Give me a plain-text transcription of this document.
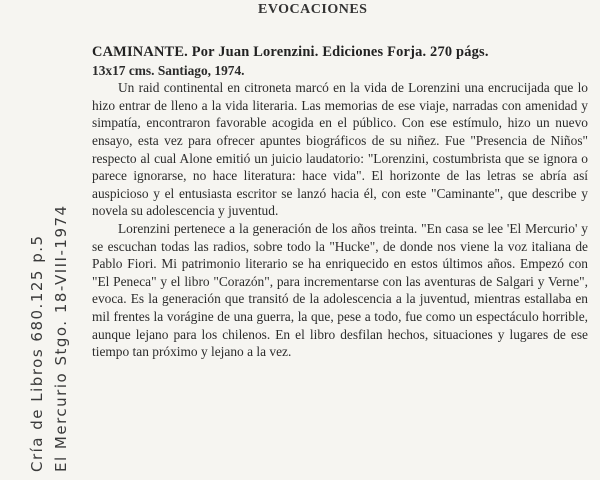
EVOCACIONES
CAMINANTE. Por Juan Lorenzini. Ediciones Forja. 270 págs.
13x17 cms. Santiago, 1974.

Un raid continental en citroneta marcó en la vida de Lorenzini una encrucijada que lo hizo entrar de lleno a la vida literaria. Las memorias de ese viaje, narradas con amenidad y simpatía, encontraron favorable acogida en el público. Con ese estímulo, hizo un nuevo ensayo, esta vez para ofrecer apuntes biográficos de su niñez. Fue "Presencia de Niños" respecto al cual Alone emitió un juicio laudatorio: "Lorenzini, costumbrista que se ignora o parece ignorarse, no hace literatura: hace vida". El horizonte de las letras se abría así auspicioso y el entusiasta escritor se lanzó hacia él, con este "Caminante", que describe y novela su adolescencia y juventud.

Lorenzini pertenece a la generación de los años treinta. "En casa se lee 'El Mercurio' y se escuchan todas las radios, sobre todo la "Hucke", de donde nos viene la voz italiana de Pablo Fiori. Mi patrimonio literario se ha enriquecido en estos últimos años. Empezó con "El Peneca" y el libro "Corazón", para incrementarse con las aventuras de Salgari y Verne", evoca. Es la generación que transitó de la adolescencia a la juventud, mientras estallaba en mil frentes la vorágine de una guerra, la que, pese a todo, fue como un espectáculo horrible, aunque lejano para los chilenos. En el libro desfilan hechos, situaciones y lugares de ese tiempo tan próximo y lejano a la vez.

Cría de Libros 680.125 p.5 El Mercurio Stgo. 18-VIII-1974
